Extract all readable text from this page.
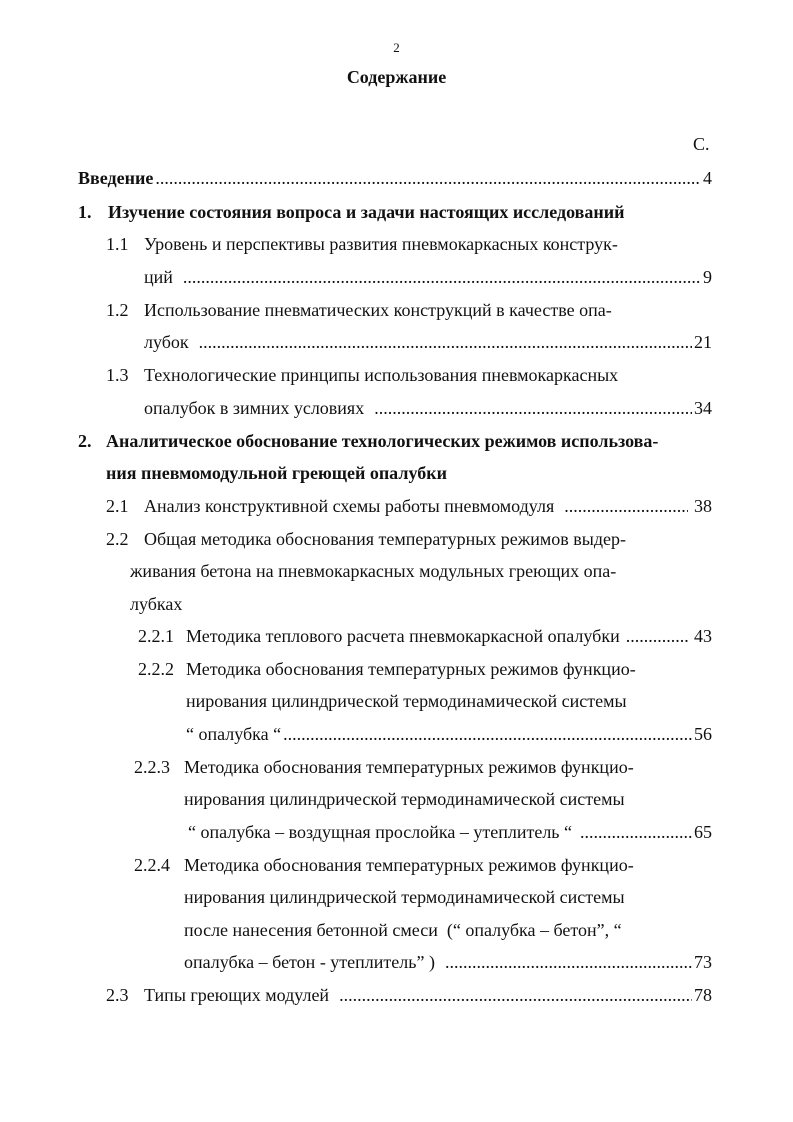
2
Содержание
С.
Введение .....	4
1. Изучение состояния вопроса и задачи настоящих исследований
1.1 Уровень и перспективы развития пневмокаркасных конструк-
ций .....	9
1.2 Использование пневматических конструкций в качестве опа-
лубок .....	21
1.3 Технологические принципы использования пневмокаркасных
опалубок в зимних условиях .....	34
2. Аналитическое обоснование технологических режимов использова-
ния пневмомодульной греющей опалубки
2.1 Анализ конструктивной схемы работы пневмомодуля .....	38
2.2 Общая методика обоснования температурных режимов выдер-
живания бетона на пневмокаркасных модульных греющих опа-
лубках
2.2.1 Методика теплового расчета пневмокаркасной опалубки .....	43
2.2.2 Методика обоснования температурных режимов функцио-
нирования цилиндрической термодинамической системы
“ опалубка “ .....	56
2.2.3 Методика обоснования температурных режимов функцио-
нирования цилиндрической термодинамической системы
“ опалубка – воздущная прослойка – утеплитель “ .....	65
2.2.4 Методика обоснования температурных режимов функцио-
нирования цилиндрической термодинамической системы
после нанесения бетонной смеси  (“ опалубка – бетон”, “
опалубка – бетон - утеплитель” ) .....	73
2.3 Типы греющих модулей .....	78
